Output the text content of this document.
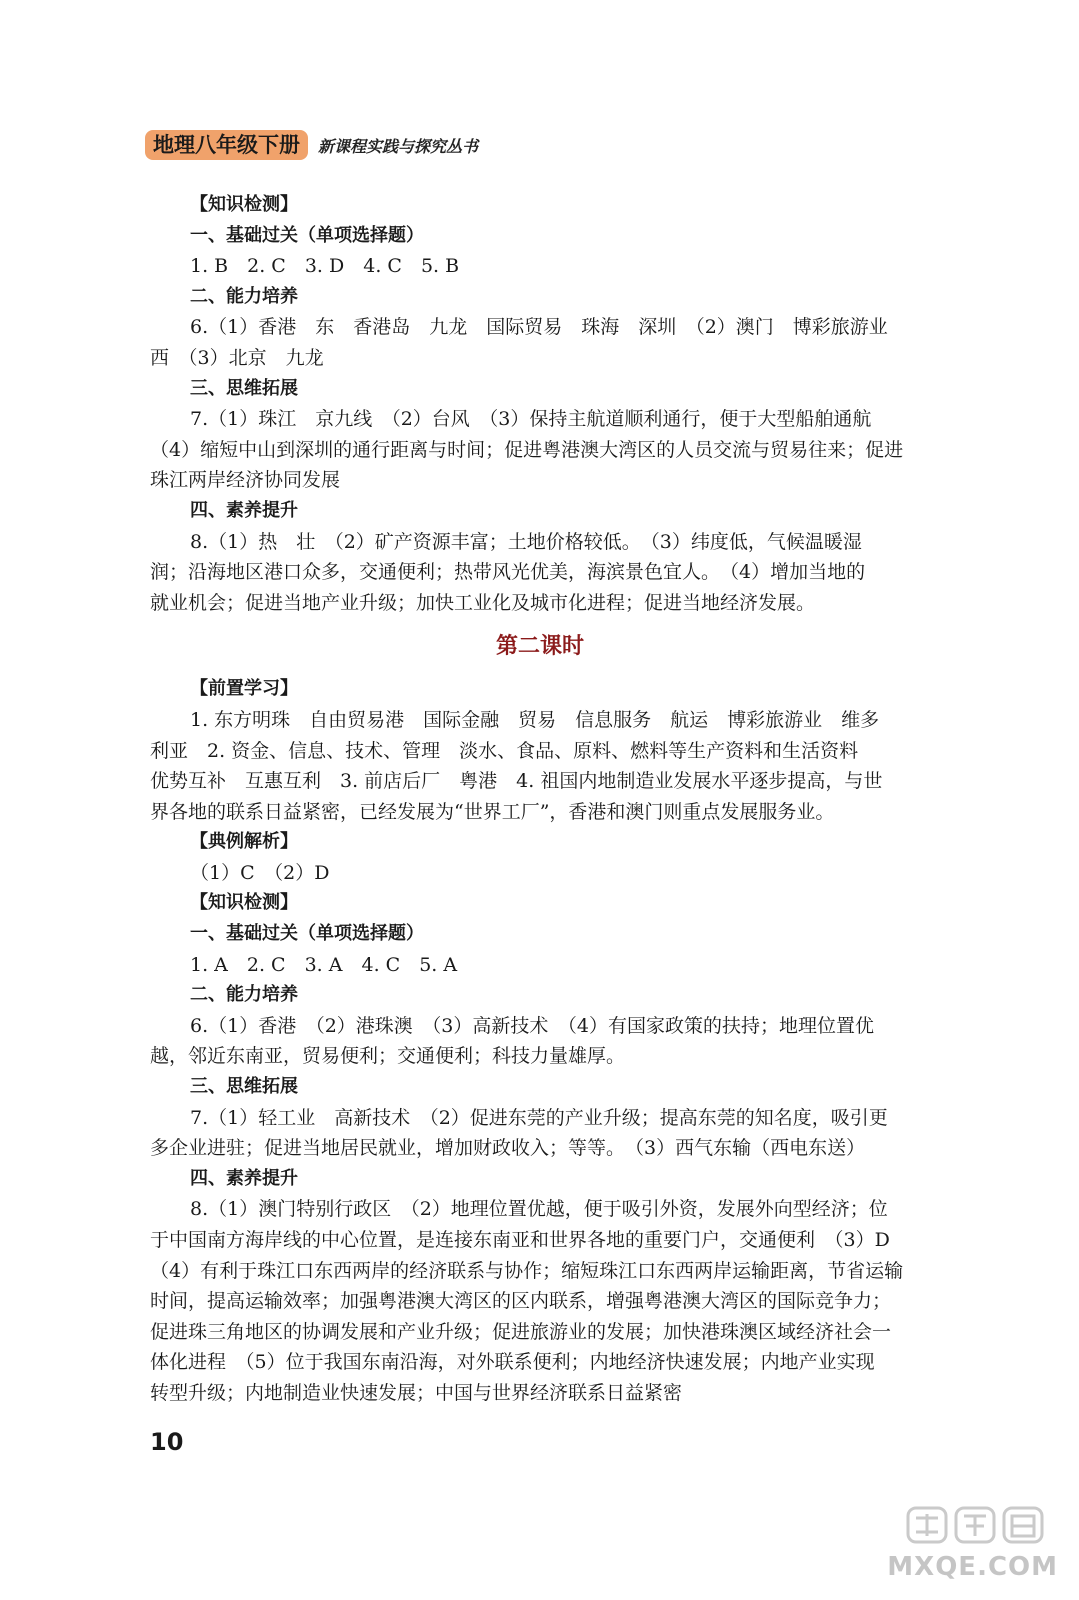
地理八年级下册	新课程实践与探究丛书
【知识检测】
一、基础过关（单项选择题）
1. B　2. C　3. D　4. C　5. B
二、能力培养
6.（1）香港　东　香港岛　九龙　国际贸易　珠海　深圳　（2）澳门　博彩旅游业
西　（3）北京　九龙
三、思维拓展
7.（1）珠江　京九线　（2）台风　（3）保持主航道顺利通行，便于大型船舶通航
（4）缩短中山到深圳的通行距离与时间；促进粤港澳大湾区的人员交流与贸易往来；促进
珠江两岸经济协同发展
四、素养提升
8.（1）热　壮　（2）矿产资源丰富；土地价格较低。　（3）纬度低，气候温暖湿
润；沿海地区港口众多，交通便利；热带风光优美，海滨景色宜人。　（4）增加当地的
就业机会；促进当地产业升级；加快工业化及城市化进程；促进当地经济发展。
第二课时
【前置学习】
1. 东方明珠　自由贸易港　国际金融　贸易　信息服务　航运　博彩旅游业　维多
利亚　2. 资金、信息、技术、管理　淡水、食品、原料、燃料等生产资料和生活资料
优势互补　互惠互利　3. 前店后厂　粤港　4. 祖国内地制造业发展水平逐步提高，与世
界各地的联系日益紧密，已经发展为“世界工厂”，香港和澳门则重点发展服务业。
【典例解析】
（1）C　（2）D
【知识检测】
一、基础过关（单项选择题）
1. A　2. C　3. A　4. C　5. A
二、能力培养
6.（1）香港　（2）港珠澳　（3）高新技术　（4）有国家政策的扶持；地理位置优
越，邻近东南亚，贸易便利；交通便利；科技力量雄厚。
三、思维拓展
7.（1）轻工业　高新技术　（2）促进东莞的产业升级；提高东莞的知名度，吸引更
多企业进驻；促进当地居民就业，增加财政收入；等等。　（3）西气东输（西电东送）
四、素养提升
8.（1）澳门特别行政区　（2）地理位置优越，便于吸引外资，发展外向型经济；位
于中国南方海岸线的中心位置，是连接东南亚和世界各地的重要门户，交通便利　（3）D
（4）有利于珠江口东西两岸的经济联系与协作；缩短珠江口东西两岸运输距离，节省运输
时间，提高运输效率；加强粤港澳大湾区的区内联系，增强粤港澳大湾区的国际竞争力；
促进珠三角地区的协调发展和产业升级；促进旅游业的发展；加快港珠澳区域经济社会一
体化进程　（5）位于我国东南沿海，对外联系便利；内地经济快速发展；内地产业实现
转型升级；内地制造业快速发展；中国与世界经济联系日益紧密
10
MXQE.COM
